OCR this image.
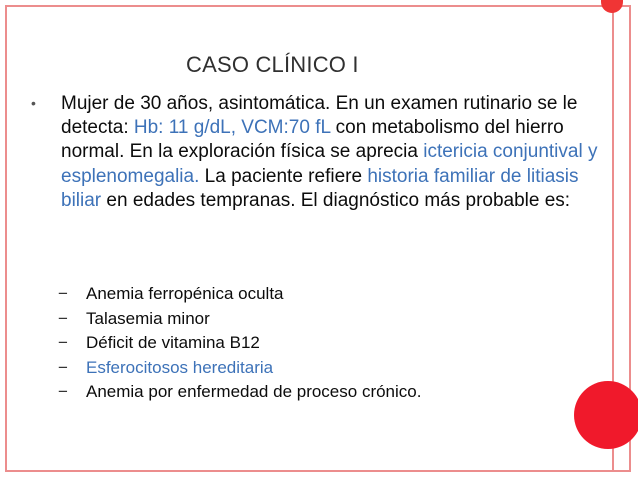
CASO CLÍNICO I
• Mujer de 30 años, asintomática. En un examen rutinario se le detecta: Hb: 11 g/dL, VCM:70 fL con metabolismo del hierro normal. En la exploración física se aprecia ictericia conjuntival y esplenomegalia. La paciente refiere historia familiar de litiasis biliar en edades tempranas. El diagnóstico más probable es:

− Anemia ferropénica oculta
− Talasemia minor
− Déficit de vitamina B12
− Esferocitosos hereditaria
− Anemia por enfermedad de proceso crónico.
